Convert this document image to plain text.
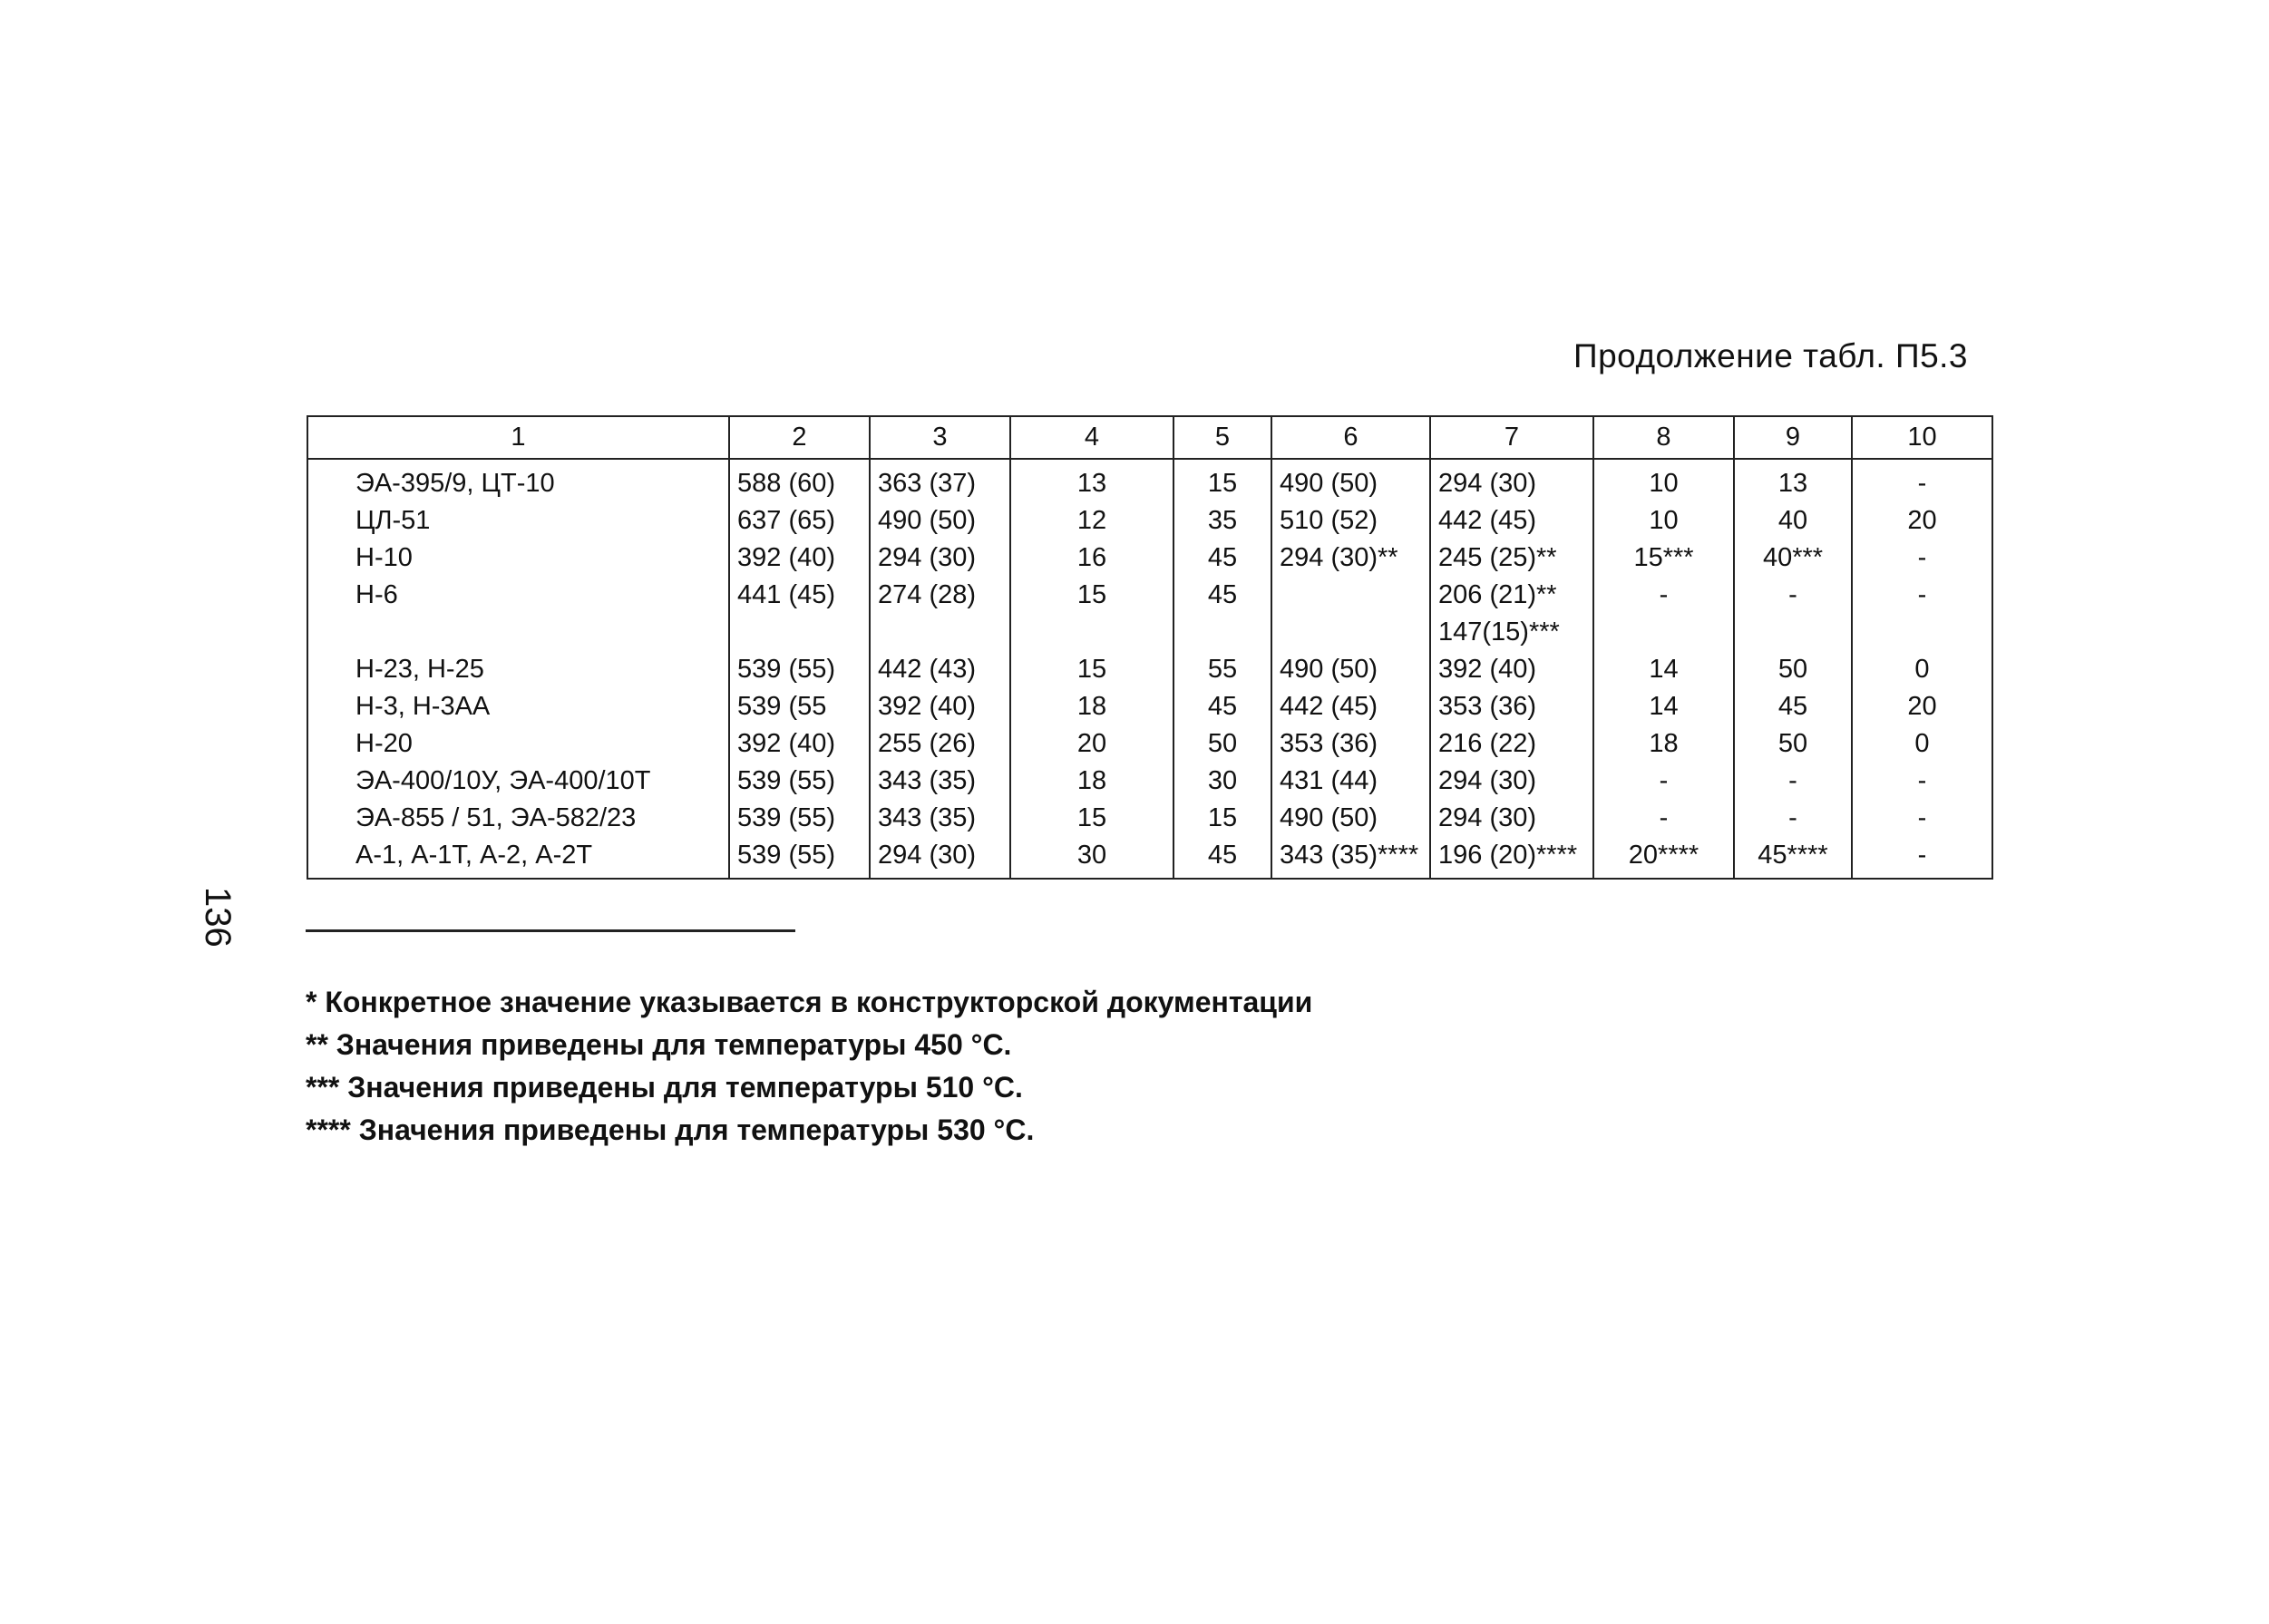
Продолжение табл. П5.3
1	2	3	4	5	6	7	8	9	10
ЭА-395/9, ЦТ-10	588 (60)	363 (37)	13	15	490 (50)	294 (30)	10	13	-
ЦЛ-51	637 (65)	490 (50)	12	35	510 (52)	442 (45)	10	40	20
Н-10	392 (40)	294 (30)	16	45	294 (30)**	245 (25)**	15***	40***	-
Н-6	441 (45)	274 (28)	15	45		206 (21)**	-	-	-
						147(15)***			
Н-23, Н-25	539 (55)	442 (43)	15	55	490 (50)	392 (40)	14	50	0
Н-3, Н-3АА	539 (55	392 (40)	18	45	442 (45)	353 (36)	14	45	20
Н-20	392 (40)	255 (26)	20	50	353 (36)	216 (22)	18	50	0
ЭА-400/10У, ЭА-400/10Т	539 (55)	343 (35)	18	30	431 (44)	294 (30)	-	-	-
ЭА-855 / 51, ЭА-582/23	539 (55)	343 (35)	15	15	490 (50)	294 (30)	-	-	-
А-1, А-1Т, А-2, А-2Т	539 (55)	294 (30)	30	45	343 (35)****	196 (20)****	20****	45****	-
136
* Конкретное значение указывается в конструкторской документации
** Значения приведены для температуры 450 °С.
*** Значения приведены для температуры 510 °С.
**** Значения приведены для температуры 530 °С.
